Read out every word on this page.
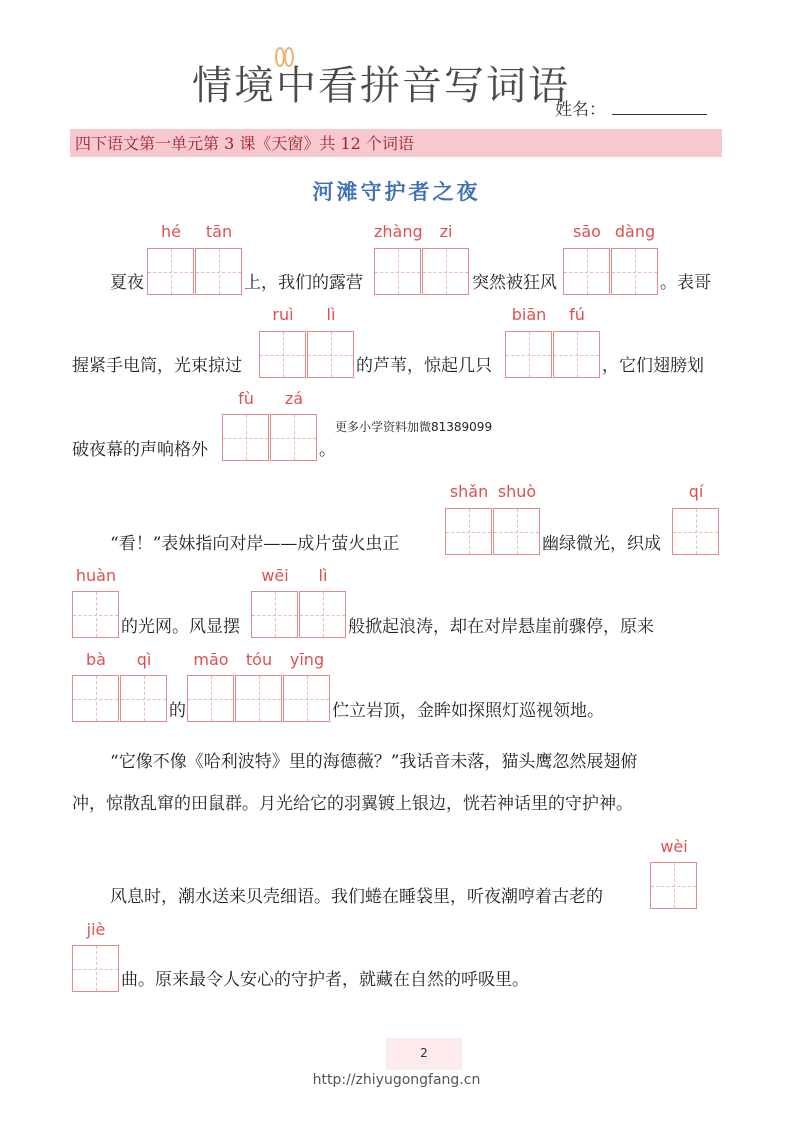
情境中看拼音写词语
姓名：
四下语文第一单元第 3 课《天窗》共 12 个词语
河滩守护者之夜
夏夜
hé	tān
上，我们的露营
zhàng	zi
突然被狂风
sāo dàng
。表哥
握紧手电筒，光束掠过
ruì	lì
的芦苇，惊起几只
biān	fú
，它们翅膀划
破夜幕的声响格外
fù	zá
。
更多小学资料加微81389099
“看！”表妹指向对岸——成片萤火虫正
shǎn shuò
幽绿微光，织成
qí
huàn
的光网。风显摆
wēi	lì
般掀起浪涛，却在对岸悬崖前骤停，原来
bà	qì
的
māo	tóu	yīng
伫立岩顶，金眸如探照灯巡视领地。
“它像不像《哈利波特》里的海德薇？”我话音未落，猫头鹰忽然展翅俯
冲，惊散乱窜的田鼠群。月光给它的羽翼镀上银边，恍若神话里的守护神。
风息时，潮水送来贝壳细语。我们蜷在睡袋里，听夜潮哼着古老的
wèi
jiè
曲。原来最令人安心的守护者，就藏在自然的呼吸里。
2
http://zhiyugongfang.cn
